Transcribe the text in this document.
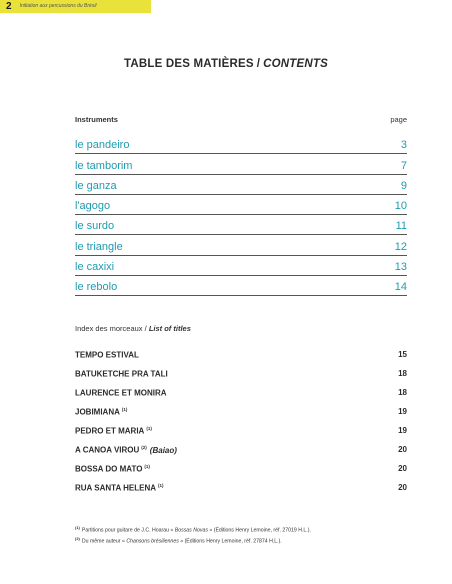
2 Initiation aux percussions du Brésil
TABLE DES MATIÈRES / CONTENTS
Instruments	page
le pandeiro	3
le tamborim	7
le ganza	9
l'agogo	10
le surdo	11
le triangle	12
le caxixi	13
le rebolo	14
Index des morceaux / List of titles
TEMPO ESTIVAL	15
BATUKETCHE PRA TALI	18
LAURENCE ET MONIRA	18
JOBIMIANA $^{(1)}$	19
PEDRO ET MARIA $^{(1)}$	19
A CANOA VIROU $^{(2)}$ (Baiao)	20
BOSSA DO MATO $^{(1)}$	20
RUA SANTA HELENA $^{(1)}$	20
$^{(1)}$Partitions pour guitare de J.C. Hoarau « Bossas Novas » (Éditions Henry Lemoine, réf. 27019 H.L.).
$^{(2)}$Du même auteur « Chansons brésiliennes » (Éditions Henry Lemoine, réf. 27874 H.L.).
